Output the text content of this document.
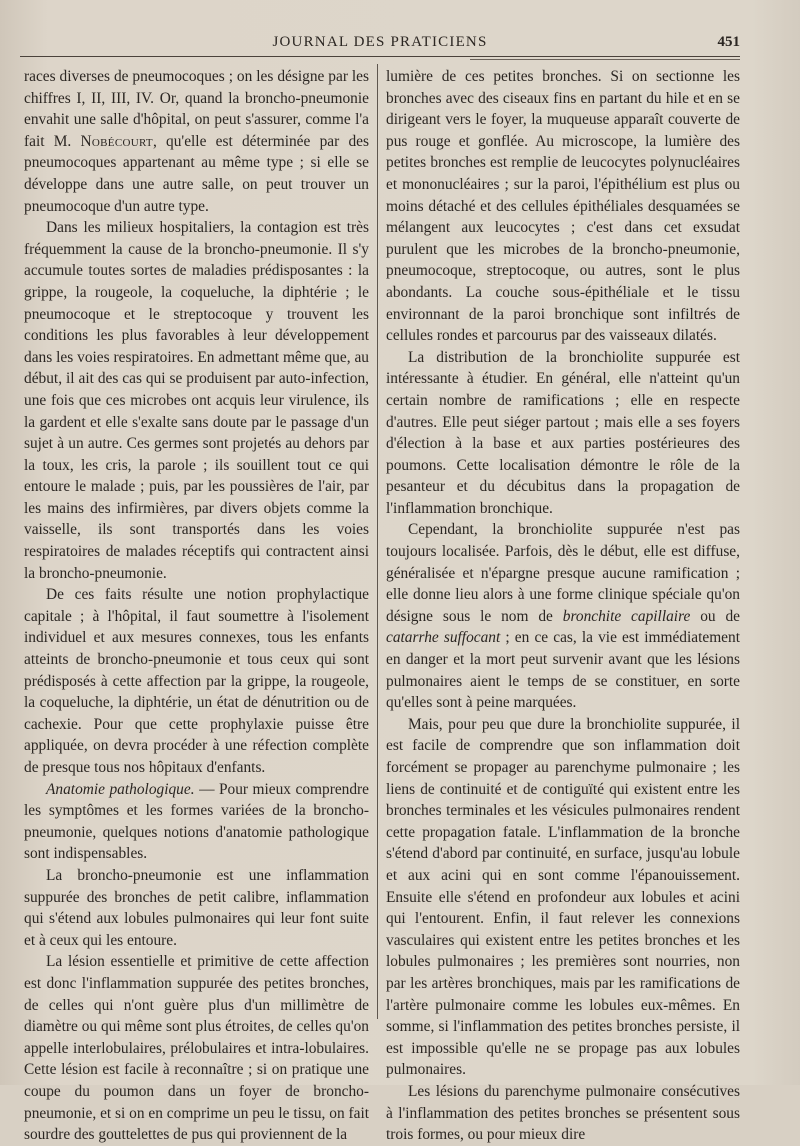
JOURNAL DES PRATICIENS	451

races diverses de pneumocoques ; on les désigne par les chiffres I, II, III, IV. Or, quand la broncho-pneumonie envahit une salle d'hôpital, on peut s'assurer, comme l'a fait M. Nobécourt, qu'elle est déterminée par des pneumocoques appartenant au même type ; si elle se développe dans une autre salle, on peut trouver un pneumocoque d'un autre type.

Dans les milieux hospitaliers, la contagion est très fréquemment la cause de la broncho-pneumonie. Il s'y accumule toutes sortes de maladies prédisposantes : la grippe, la rougeole, la coqueluche, la diphtérie ; le pneumocoque et le streptocoque y trouvent les conditions les plus favorables à leur développement dans les voies respiratoires. En admettant même que, au début, il ait des cas qui se produisent par auto-infection, une fois que ces microbes ont acquis leur virulence, ils la gardent et elle s'exalte sans doute par le passage d'un sujet à un autre. Ces germes sont projetés au dehors par la toux, les cris, la parole ; ils souillent tout ce qui entoure le malade ; puis, par les poussières de l'air, par les mains des infirmières, par divers objets comme la vaisselle, ils sont transportés dans les voies respiratoires de malades réceptifs qui contractent ainsi la broncho-pneumonie.

De ces faits résulte une notion prophylactique capitale ; à l'hôpital, il faut soumettre à l'isolement individuel et aux mesures connexes, tous les enfants atteints de broncho-pneumonie et tous ceux qui sont prédisposés à cette affection par la grippe, la rougeole, la coqueluche, la diphtérie, un état de dénutrition ou de cachexie. Pour que cette prophylaxie puisse être appliquée, on devra procéder à une réfection complète de presque tous nos hôpitaux d'enfants.

Anatomie pathologique. — Pour mieux comprendre les symptômes et les formes variées de la broncho-pneumonie, quelques notions d'anatomie pathologique sont indispensables.

La broncho-pneumonie est une inflammation suppurée des bronches de petit calibre, inflammation qui s'étend aux lobules pulmonaires qui leur font suite et à ceux qui les entoure.

La lésion essentielle et primitive de cette affection est donc l'inflammation suppurée des petites bronches, de celles qui n'ont guère plus d'un millimètre de diamètre ou qui même sont plus étroites, de celles qu'on appelle interlobulaires, prélobulaires et intra-lobulaires. Cette lésion est facile à reconnaître ; si on pratique une coupe du poumon dans un foyer de broncho-pneumonie, et si on en comprime un peu le tissu, on fait sourdre des gouttelettes de pus qui proviennent de la

lumière de ces petites bronches. Si on sectionne les bronches avec des ciseaux fins en partant du hile et en se dirigeant vers le foyer, la muqueuse apparaît couverte de pus rouge et gonflée. Au microscope, la lumière des petites bronches est remplie de leucocytes polynucléaires et mononucléaires ; sur la paroi, l'épithélium est plus ou moins détaché et des cellules épithéliales desquamées se mélangent aux leucocytes ; c'est dans cet exsudat purulent que les microbes de la broncho-pneumonie, pneumocoque, streptocoque, ou autres, sont le plus abondants. La couche sous-épithéliale et le tissu environnant de la paroi bronchique sont infiltrés de cellules rondes et parcourus par des vaisseaux dilatés.

La distribution de la bronchiolite suppurée est intéressante à étudier. En général, elle n'atteint qu'un certain nombre de ramifications ; elle en respecte d'autres. Elle peut siéger partout ; mais elle a ses foyers d'élection à la base et aux parties postérieures des poumons. Cette localisation démontre le rôle de la pesanteur et du décubitus dans la propagation de l'inflammation bronchique.

Cependant, la bronchiolite suppurée n'est pas toujours localisée. Parfois, dès le début, elle est diffuse, généralisée et n'épargne presque aucune ramification ; elle donne lieu alors à une forme clinique spéciale qu'on désigne sous le nom de bronchite capillaire ou de catarrhe suffocant ; en ce cas, la vie est immédiatement en danger et la mort peut survenir avant que les lésions pulmonaires aient le temps de se constituer, en sorte qu'elles sont à peine marquées.

Mais, pour peu que dure la bronchiolite suppurée, il est facile de comprendre que son inflammation doit forcément se propager au parenchyme pulmonaire ; les liens de continuité et de contiguïté qui existent entre les bronches terminales et les vésicules pulmonaires rendent cette propagation fatale. L'inflammation de la bronche s'étend d'abord par continuité, en surface, jusqu'au lobule et aux acini qui en sont comme l'épanouissement. Ensuite elle s'étend en profondeur aux lobules et acini qui l'entourent. Enfin, il faut relever les connexions vasculaires qui existent entre les petites bronches et les lobules pulmonaires ; les premières sont nourries, non par les artères bronchiques, mais par les ramifications de l'artère pulmonaire comme les lobules eux-mêmes. En somme, si l'inflammation des petites bronches persiste, il est impossible qu'elle ne se propage pas aux lobules pulmonaires.

Les lésions du parenchyme pulmonaire consécutives à l'inflammation des petites bronches se présentent sous trois formes, ou pour mieux dire
